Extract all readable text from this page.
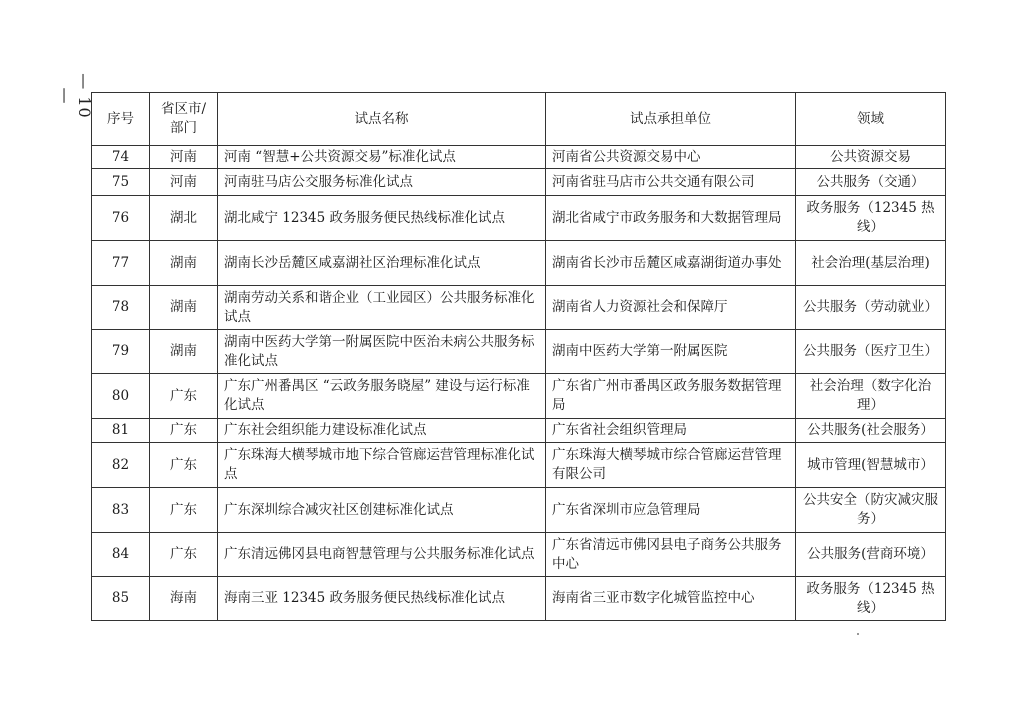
— 10 —
序号	省区市/部门	试点名称	试点承担单位	领域
74	河南	河南 “智慧+公共资源交易”标准化试点	河南省公共资源交易中心	公共资源交易
75	河南	河南驻马店公交服务标准化试点	河南省驻马店市公共交通有限公司	公共服务（交通）
76	湖北	湖北咸宁 12345 政务服务便民热线标准化试点	湖北省咸宁市政务服务和大数据管理局	政务服务（12345 热线）
77	湖南	湖南长沙岳麓区咸嘉湖社区治理标准化试点	湖南省长沙市岳麓区咸嘉湖街道办事处	社会治理(基层治理)
78	湖南	湖南劳动关系和谐企业（工业园区）公共服务标准化试点	湖南省人力资源社会和保障厅	公共服务（劳动就业）
79	湖南	湖南中医药大学第一附属医院中医治未病公共服务标准化试点	湖南中医药大学第一附属医院	公共服务（医疗卫生）
80	广东	广东广州番禺区 “云政务服务晓屋” 建设与运行标准化试点	广东省广州市番禺区政务服务数据管理局	社会治理（数字化治理）
81	广东	广东社会组织能力建设标准化试点	广东省社会组织管理局	公共服务(社会服务）
82	广东	广东珠海大横琴城市地下综合管廊运营管理标准化试点	广东珠海大横琴城市综合管廊运营管理有限公司	城市管理(智慧城市）
83	广东	广东深圳综合减灾社区创建标准化试点	广东省深圳市应急管理局	公共安全（防灾减灾服务）
84	广东	广东清远佛冈县电商智慧管理与公共服务标准化试点	广东省清远市佛冈县电子商务公共服务中心	公共服务(营商环境）
85	海南	海南三亚 12345 政务服务便民热线标准化试点	海南省三亚市数字化城管监控中心	政务服务（12345 热线）
